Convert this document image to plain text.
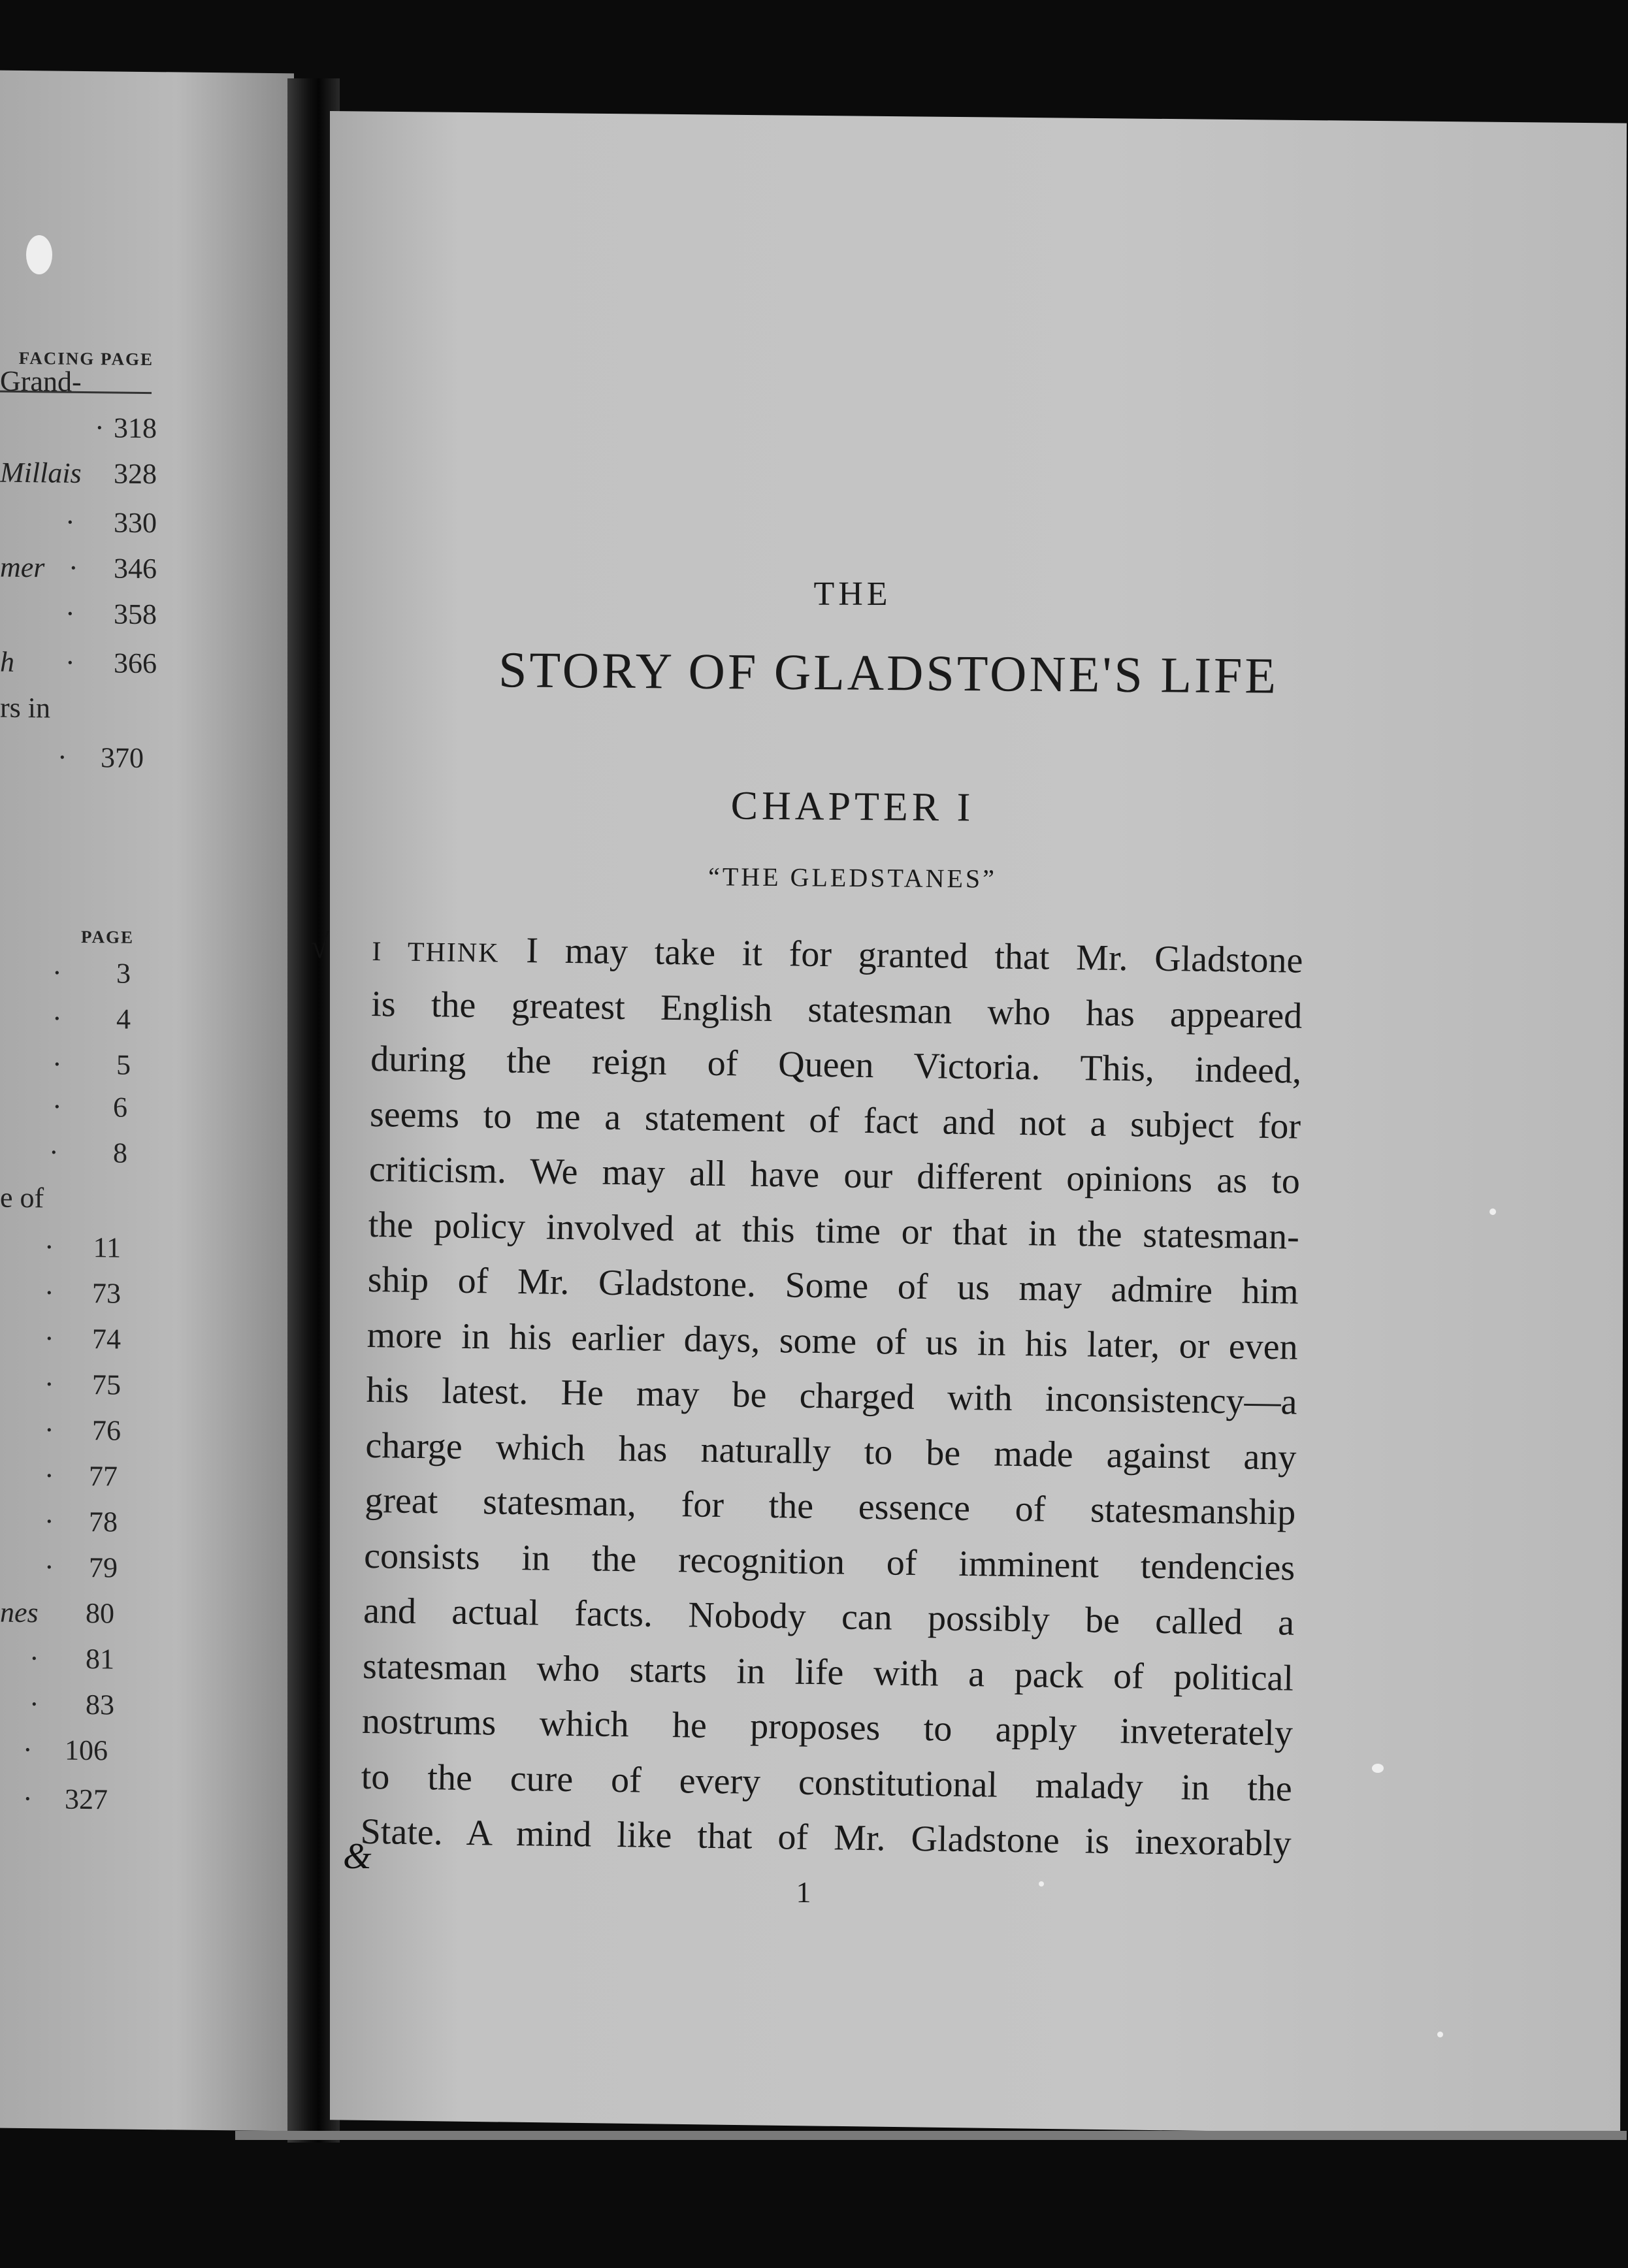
FACING PAGE
Grand-
· 318
Millais 328
· 330
mer · 346
· 358
h · 366
rs in
· 370
PAGE
· 3
· 4
· 5
· 6
· 8
e of
· 11
· 73
· 74
· 75
· 76
· 77
· 78
· 79
nes 80
· 81
· 83
· 106
· 327
THE
STORY OF GLADSTONE'S LIFE
CHAPTER I
“THE GLEDSTANES”
√ I THINK I may take it for granted that Mr. Gladstone
is the greatest English statesman who has appeared
during the reign of Queen Victoria. This, indeed,
seems to me a statement of fact and not a subject for
criticism. We may all have our different opinions as to
the policy involved at this time or that in the statesman-
ship of Mr. Gladstone. Some of us may admire him
more in his earlier days, some of us in his later, or even
his latest. He may be charged with inconsistency—a
charge which has naturally to be made against any
great statesman, for the essence of statesmanship
consists in the recognition of imminent tendencies
and actual facts. Nobody can possibly be called a
statesman who starts in life with a pack of political
nostrums which he proposes to apply inveterately
to the cure of every constitutional malady in the
State. A mind like that of Mr. Gladstone is inexorably
&
1
